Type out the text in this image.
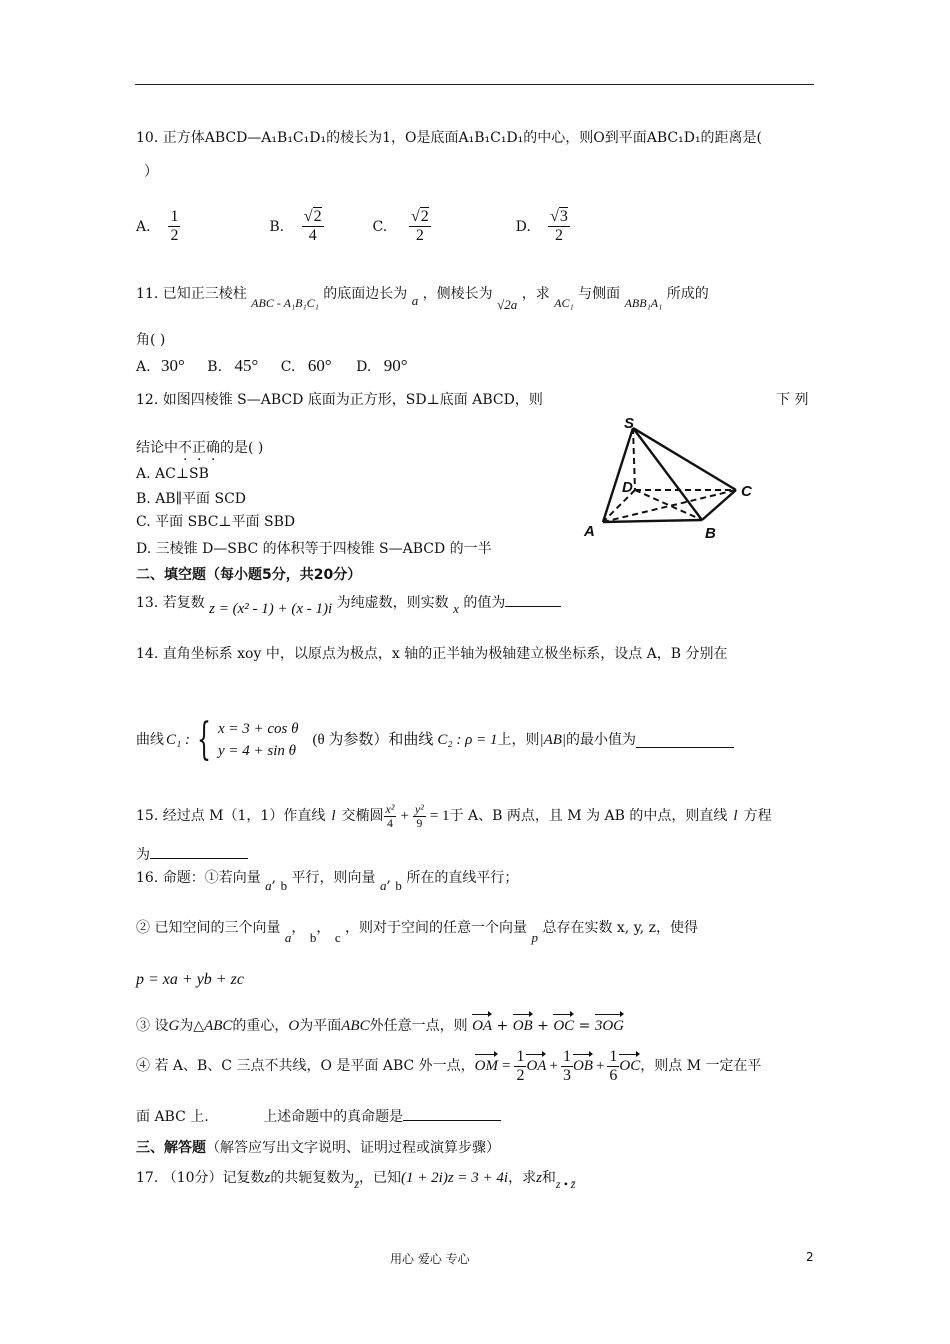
10. 正方体ABCD—A₁B₁C₁D₁的棱长为1，O是底面A₁B₁C₁D₁的中心，则O到平面ABC₁D₁的距离是(
）
A. $\frac{1}{2}$	B. $\frac{√2}{4}$	C. $\frac{√2}{2}$	D. $\frac{√3}{2}$
11. 已知正三棱柱 ABC - A₁B₁C₁ 的底面边长为 a ，侧棱长为 √2a ，求 AC₁ 与侧面 ABB₁A₁ 所成的
角( )
A. 30° B. 45° C. 60° D. 90°
12. 如图四棱锥 S—ABCD 底面为正方形，SD⊥底面 ABCD，则	下 列
结论中不正确的是( )
A. AC⊥SB
B. AB∥平面 SCD
C. 平面 SBC⊥平面 SBD
D. 三棱锥 D—SBC 的体积等于四棱锥 S—ABCD 的一半
S
D	C
A	B
二、填空题（每小题5分，共20分）
13. 若复数 z = (x² - 1) + (x - 1)i 为纯虚数，则实数 x 的值为
14. 直角坐标系 xoy 中，以原点为极点，x 轴的正半轴为极轴建立极坐标系，设点 A，B 分别在
曲线 C₁ : { x = 3 + cos θ
y = 4 + sin θ
(θ 为参数）和曲线 C₂ : ρ = 1 上，则 |AB| 的最小值为
15. 经过点 M（1，1）作直线 l 交椭圆 $\frac{\text{x²}}{4} + \frac{\text{y²}}{9} = 1$ 于 A、B 两点，且 M 为 AB 的中点，则直线 l 方程
为
16. 命题：①若向量 a, b 平行，则向量 a, b 所在的直线平行；
② 已知空间的三个向量 a， b， c ，则对于空间的任意一个向量 p 总存在实数 x, y, z，使得
p = xa + yb + zc
③ 设G为△ABC的重心，O为平面ABC外任意一点，则 OA + OB + OC = 3OG
④ 若 A、B、C 三点不共线，O 是平面 ABC 外一点， OM = $\frac{1}{2}$ OA + $\frac{1}{3}$ OB + $\frac{1}{6}$ OC ，则点 M 一定在平
面 ABC 上.	上述命题中的真命题是
三、解答题（解答应写出文字说明、证明过程或演算步骤）
17. （10分）记复数z的共轭复数为z̄，已知(1 + 2i)z = 3 + 4i，求z和z • z̄
用心 爱心 专心	2
